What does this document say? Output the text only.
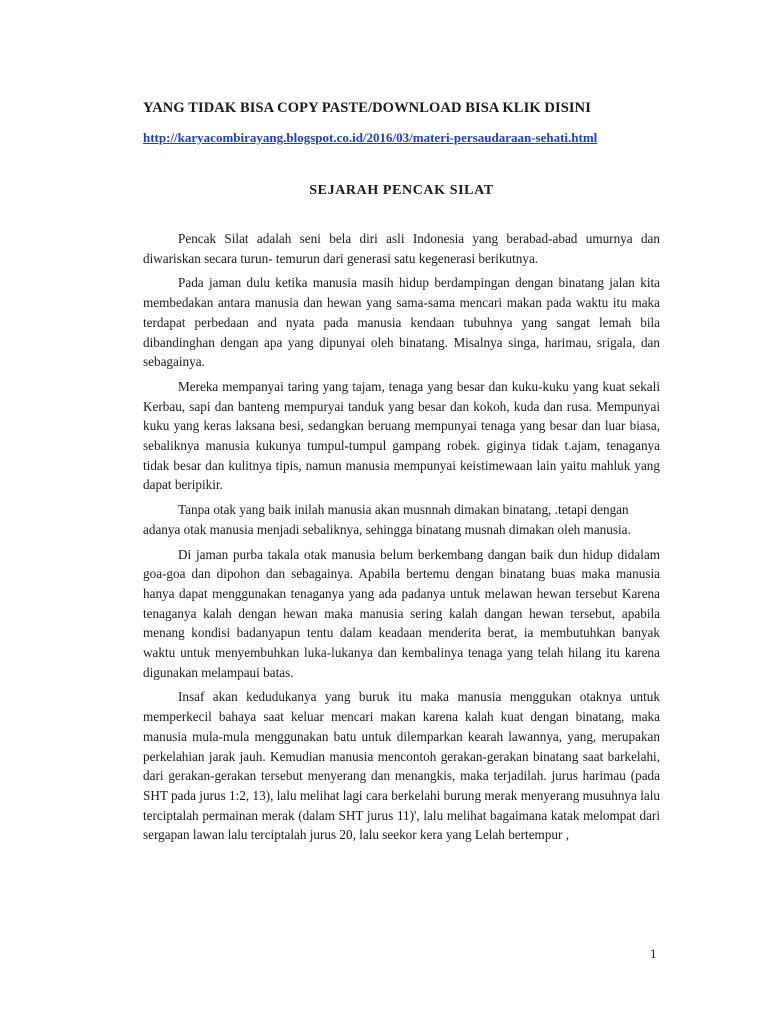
YANG TIDAK BISA COPY PASTE/DOWNLOAD BISA KLIK DISINI

http://karyacombirayang.blogspot.co.id/2016/03/materi-persaudaraan-sehati.html
SEJARAH PENCAK SILAT

Pencak Silat adalah seni bela diri asli Indonesia yang berabad-abad umurnya dan diwariskan secara turun- temurun dari generasi satu kegenerasi berikutnya.

Pada jaman dulu ketika manusia masih hidup berdampingan dengan binatang jalan kita membedakan antara manusia dan hewan yang sama-sama mencari makan pada waktu itu maka terdapat perbedaan and nyata pada manusia kendaan tubuhnya yang sangat lemah bila dibandinghan dengan apa yang dipunyai oleh binatang. Misalnya singa, harimau, srigala, dan sebagainya.

Mereka mempanyai taring yang tajam, tenaga yang besar dan kuku-kuku yang kuat sekali Kerbau, sapi dan banteng mempuryai tanduk yang besar dan kokoh, kuda dan rusa. Mempunyai kuku yang keras laksana besi, sedangkan beruang mempunyai tenaga yang besar dan luar biasa, sebaliknya manusia kukunya tumpul-tumpul gampang robek. giginya tidak t.ajam, tenaganya tidak besar dan kulitnya tipis, namun manusia mempunyai keistimewaan lain yaitu mahluk yang dapat beripikir.

Tanpa otak yang baik inilah manusia akan musnnah dimakan binatang, .tetapi dengan adanya otak manusia menjadi sebaliknya, sehingga binatang musnah dimakan oleh manusia.

Di jaman purba takala otak manusia belum berkembang dangan baik dun hidup didalam goa-goa dan dipohon dan sebagainya. Apabila bertemu dengan binatang buas maka manusia hanya dapat menggunakan tenaganya yang ada padanya untuk melawan hewan tersebut Karena tenaganya kalah dengan hewan maka manusia sering kalah dangan hewan tersebut, apabila menang kondisi badanyapun tentu dalam keadaan menderita berat, ia membutuhkan banyak waktu untuk menyembuhkan luka-lukanya dan kembalinya tenaga yang telah hilang itu karena digunakan melampaui batas.

Insaf akan kedudukanya yang buruk itu maka manusia menggukan otaknya untuk memperkecil bahaya saat keluar mencari makan karena kalah kuat dengan binatang, maka manusia mula-mula menggunakan batu untuk dilemparkan kearah lawannya, yang, merupakan perkelahian jarak jauh. Kemudian manusia mencontoh gerakan-gerakan binatang saat barkelahi, dari gerakan-gerakan tersebut menyerang dan menangkis, maka terjadilah. jurus harimau (pada SHT pada jurus 1:2, 13), lalu melihat lagi cara berkelahi burung merak menyerang musuhnya lalu terciptalah permainan merak (dalam SHT jurus 11)', lalu melihat bagaimana katak melompat dari sergapan lawan lalu terciptalah jurus 20, lalu seekor kera yang Lelah bertempur ,

1
